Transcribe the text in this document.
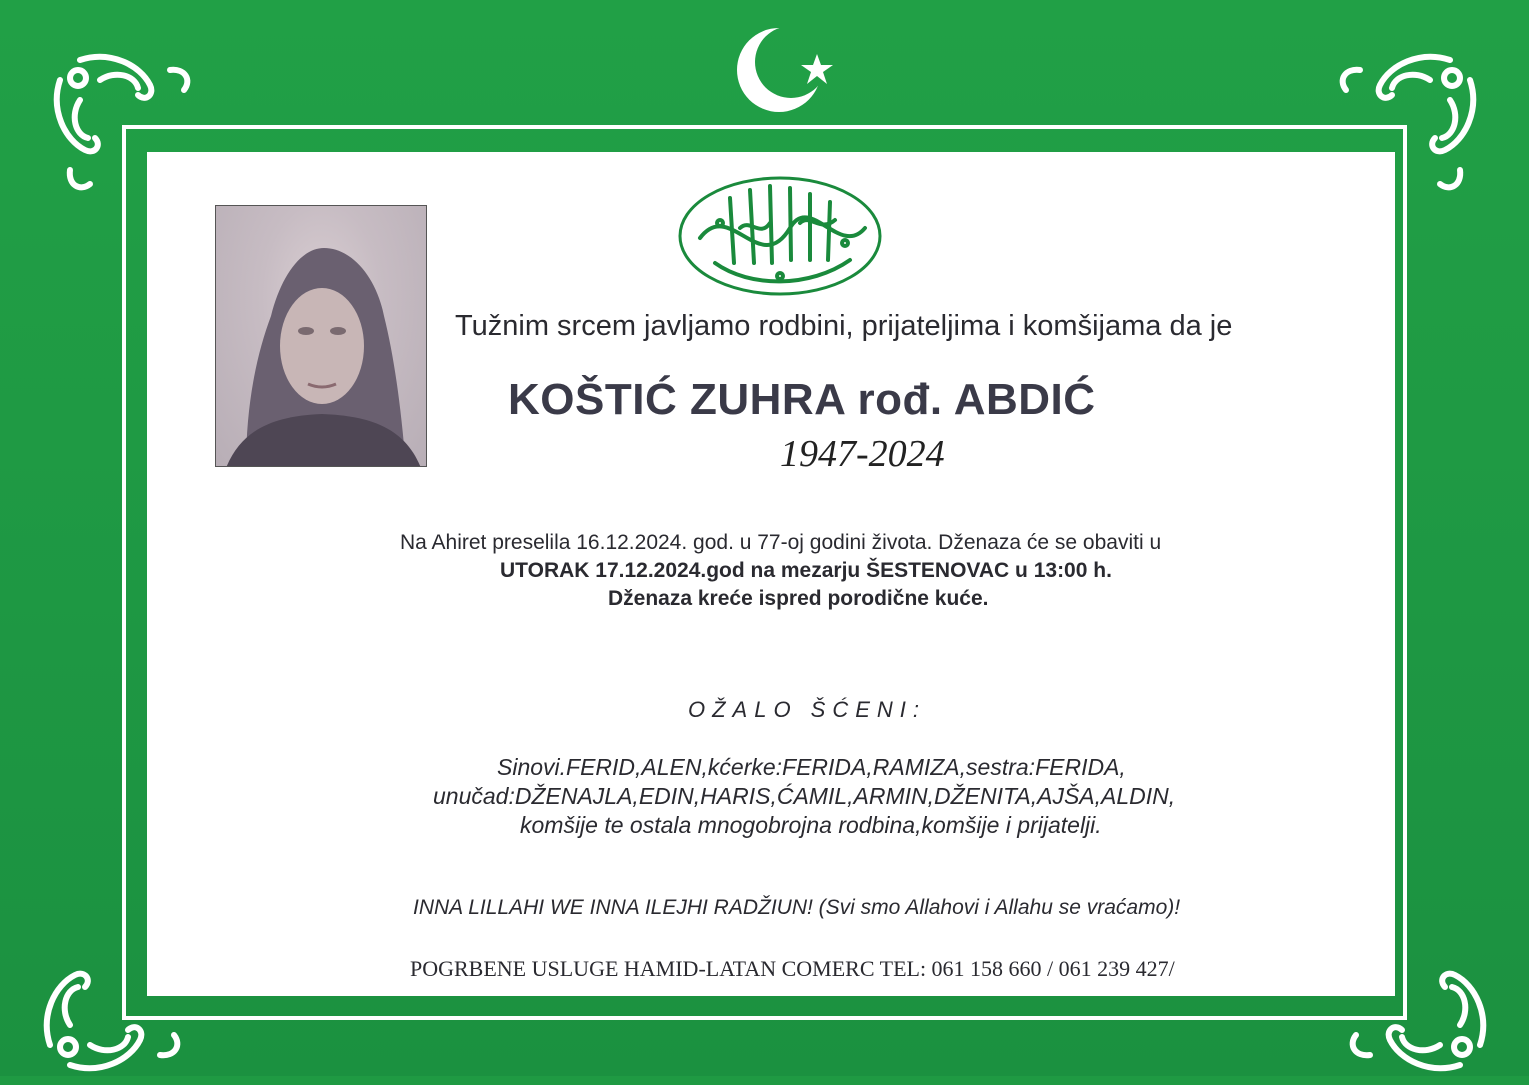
Tužnim srcem javljamo rodbini, prijateljima i komšijama da je
KOŠTIĆ ZUHRA rođ. ABDIĆ
1947-2024
Na Ahiret preselila 16.12.2024. god. u 77-oj godini života. Dženaza će se obaviti u
UTORAK 17.12.2024.god na mezarju ŠESTENOVAC u 13:00 h.
Dženaza kreće ispred porodične kuće.
OŽALO ŠĆENI:
Sinovi.FERID,ALEN,kćerke:FERIDA,RAMIZA,sestra:FERIDA,
unučad:DŽENAJLA,EDIN,HARIS,ĆAMIL,ARMIN,DŽENITA,AJŠA,ALDIN,
komšije te ostala mnogobrojna rodbina,komšije i prijatelji.
INNA LILLAHI WE INNA ILEJHI RADŽIUN! (Svi smo Allahovi i Allahu se vraćamo)!
POGRBENE USLUGE HAMID-LATAN COMERC TEL: 061 158 660 / 061 239 427/
